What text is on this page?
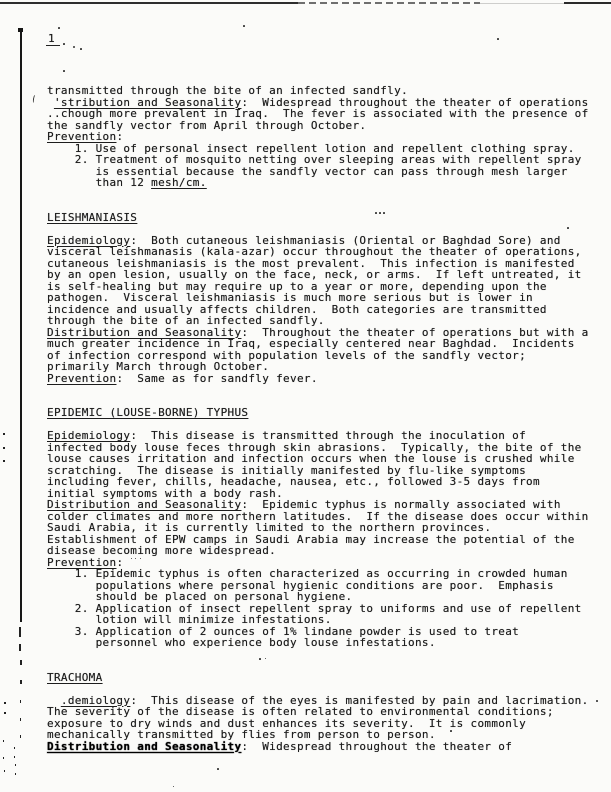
1
transmitted through the bite of an infected sandfly.
'stribution and Seasonality:  Widespread throughout the theater of operations
..chough more prevalent in Iraq.  The fever is associated with the presence of
the sandfly vector from April through October.
Prevention:
1. Use of personal insect repellent lotion and repellent clothing spray.
2. Treatment of mosquito netting over sleeping areas with repellent spray
is essential because the sandfly vector can pass through mesh larger
than 12 mesh/cm.

LEISHMANIASIS

Epidemiology:  Both cutaneous leishmaniasis (Oriental or Baghdad Sore) and
visceral leishmanasis (kala-azar) occur throughout the theater of operations,
cutaneous leishmaniasis is the most prevalent.  This infection is manifested
by an open lesion, usually on the face, neck, or arms.  If left untreated, it
is self-healing but may require up to a year or more, depending upon the
pathogen.  Visceral leishmaniasis is much more serious but is lower in
incidence and usually affects children.  Both categories are transmitted
through the bite of an infected sandfly.
Distribution and Seasonality:  Throughout the theater of operations but with a
much greater incidence in Iraq, especially centered near Baghdad.  Incidents
of infection correspond with population levels of the sandfly vector;
primarily March through October.
Prevention:  Same as for sandfly fever.

EPIDEMIC (LOUSE-BORNE) TYPHUS

Epidemiology:  This disease is transmitted through the inoculation of
infected body louse feces through skin abrasions.  Typically, the bite of the
louse causes irritation and infection occurs when the louse is crushed while
scratching.  The disease is initially manifested by flu-like symptoms
including fever, chills, headache, nausea, etc., followed 3-5 days from
initial symptoms with a body rash.
Distribution and Seasonality:  Epidemic typhus is normally associated with
colder climates and more northern latitudes.  If the disease does occur within
Saudi Arabia, it is currently limited to the northern provinces.
Establishment of EPW camps in Saudi Arabia may increase the potential of the
disease becoming more widespread.
Prevention:
1. Epidemic typhus is often characterized as occurring in crowded human
populations where personal hygienic conditions are poor.  Emphasis
should be placed on personal hygiene.
2. Application of insect repellent spray to uniforms and use of repellent
lotion will minimize infestations.
3. Application of 2 ounces of 1% lindane powder is used to treat
personnel who experience body louse infestations.

TRACHOMA

.demiology:  This disease of the eyes is manifested by pain and lacrimation.
The severity of the disease is often related to environmental conditions;
exposure to dry winds and dust enhances its severity.  It is commonly
mechanically transmitted by flies from person to person.
Distribution and Seasonality:  Widespread throughout the theater of
